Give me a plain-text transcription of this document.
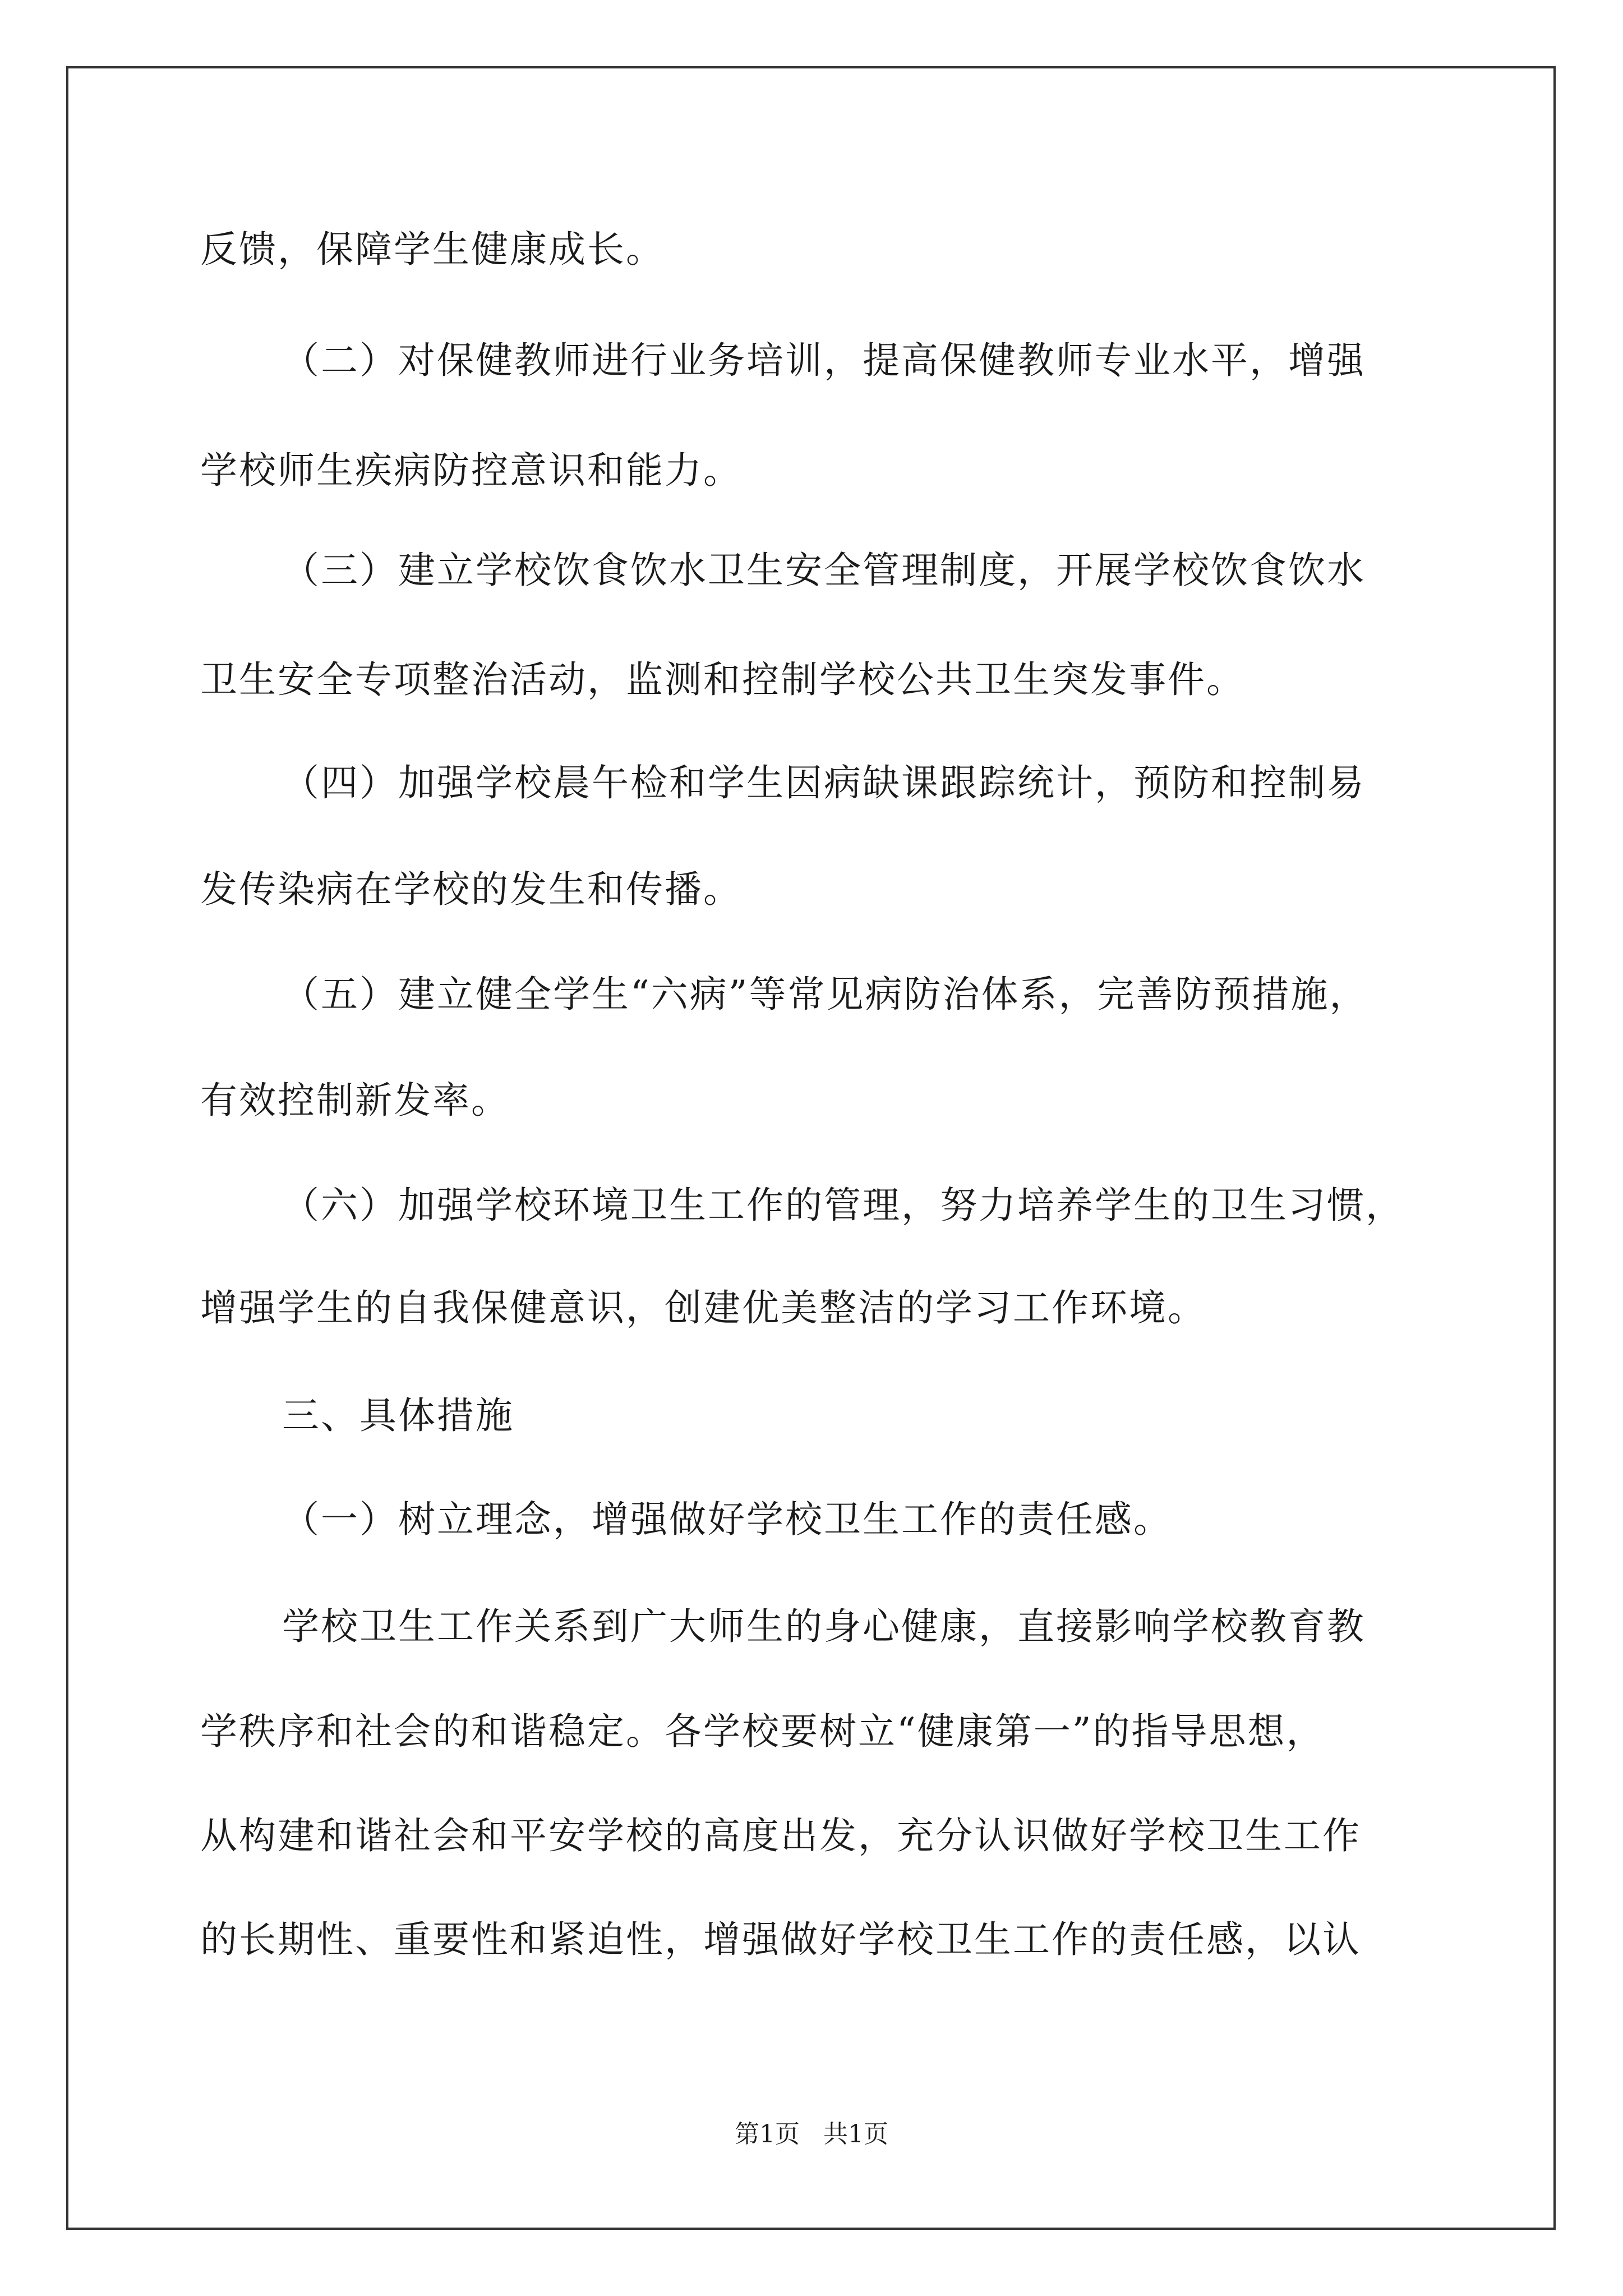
反馈，保障学生健康成长。
（二）对保健教师进行业务培训，提高保健教师专业水平，增强
学校师生疾病防控意识和能力。
（三）建立学校饮食饮水卫生安全管理制度，开展学校饮食饮水
卫生安全专项整治活动，监测和控制学校公共卫生突发事件。
（四）加强学校晨午检和学生因病缺课跟踪统计，预防和控制易
发传染病在学校的发生和传播。
（五）建立健全学生“六病”等常见病防治体系，完善防预措施，
有效控制新发率。
（六）加强学校环境卫生工作的管理，努力培养学生的卫生习惯，
增强学生的自我保健意识，创建优美整洁的学习工作环境。
三、具体措施
（一）树立理念，增强做好学校卫生工作的责任感。
学校卫生工作关系到广大师生的身心健康，直接影响学校教育教
学秩序和社会的和谐稳定。各学校要树立“健康第一”的指导思想，
从构建和谐社会和平安学校的高度出发，充分认识做好学校卫生工作
的长期性、重要性和紧迫性，增强做好学校卫生工作的责任感，以认
第1页   共1页
